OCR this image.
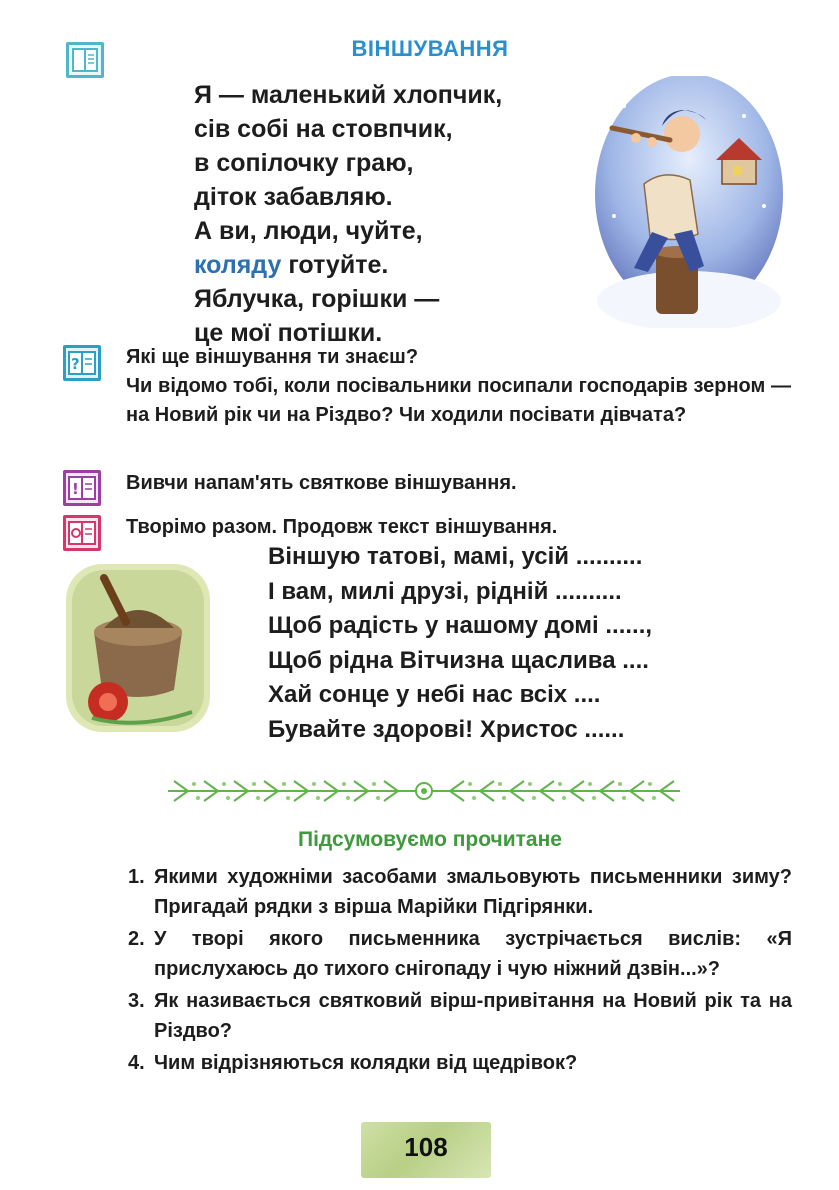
ВІНШУВАННЯ
Я — маленький хлопчик,
сів собі на стовпчик,
в сопілочку граю,
діток забавляю.
А ви, люди, чуйте,
коляду готуйте.
Яблучка, горішки —
це мої потішки.
? Які ще віншування ти знаєш?

Чи відомо тобі, коли посівальники посипали господарів зерном — на Новий рік чи на Різдво? Чи ходили посівати дівчата?

! Вивчи напам'ять святкове віншування.
Творімо разом. Продовж текст віншування.
Віншую татові, мамі, усій ..........
І вам, милі друзі, рідній ..........
Щоб радість у нашому домі ......,
Щоб рідна Вітчизна щаслива ....
Хай сонце у небі нас всіх ....
Бувайте здорові! Христос ......
Підсумовуємо прочитане
1. Якими художніми засобами змальовують письменники зиму? Пригадай рядки з вірша Марійки Підгірянки.
2. У творі якого письменника зустрічається вислів: «Я прислухаюсь до тихого снігопаду і чую ніжний дзвін...»?
3. Як називається святковий вірш-привітання на Новий рік та на Різдво?
4. Чим відрізняються колядки від щедрівок?
108
